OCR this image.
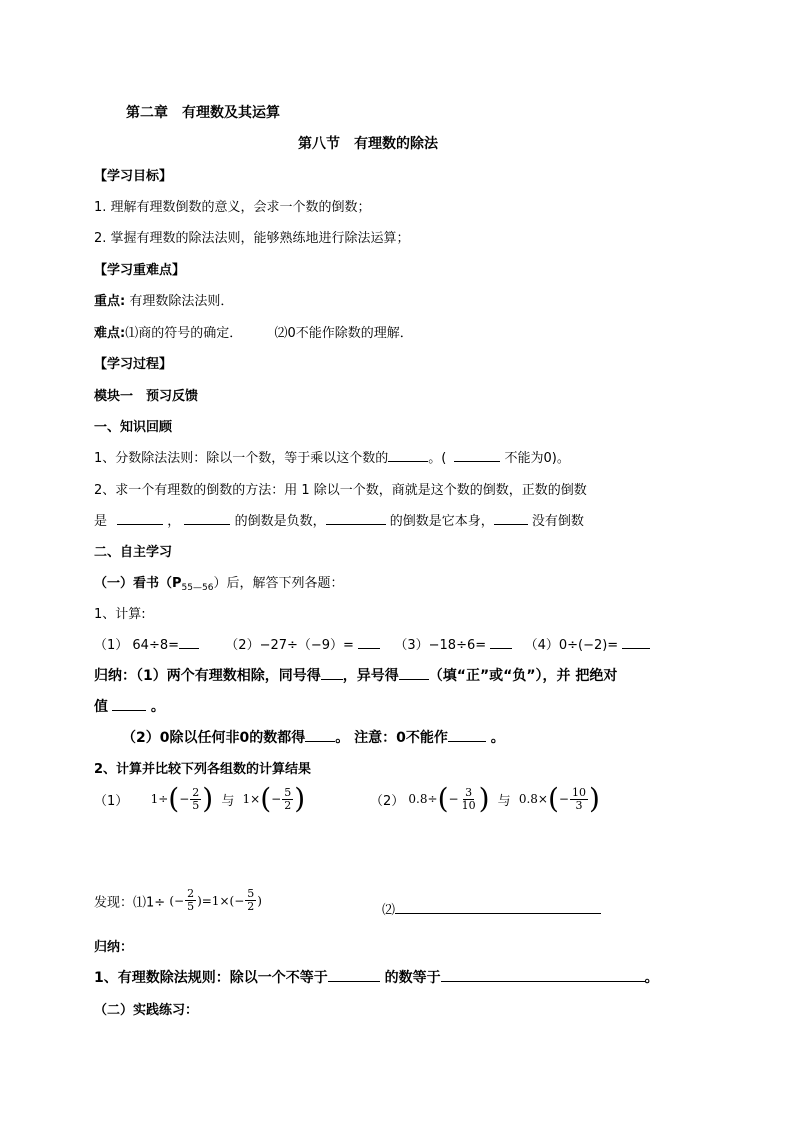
第二章　有理数及其运算
第八节　有理数的除法
【学习目标】
1. 理解有理数倒数的意义，会求一个数的倒数；
2. 掌握有理数的除法法则，能够熟练地进行除法运算；
【学习重难点】
重点: 有理数除法法则．
难点:⑴商的符号的确定． ⑵0不能作除数的理解．
【学习过程】
模块一　预习反馈
一、知识回顾
1、分数除法法则：除以一个数，等于乘以这个数的	。(	不能为0)。
2、求一个有理数的倒数的方法：用 1 除以一个数，商就是这个数的倒数，正数的倒数
是	，	的倒数是负数，	的倒数是它本身，	没有倒数
二、自主学习
（一）看书$(P_{55—56})$后，解答下列各题：
1、计算:
（1） 64÷8=	（2）−27÷（−9）=	（3）−18÷6=	（4）0÷(−2)=
归纳：（1）两个有理数相除，同号得 ，异号得 （填“正”或“负”），并 把绝对
值	。
（2）0除以任何非0的数都得 。 注意：0不能作	。
2、计算并比较下列各组数的计算结果
（1） 1 ÷ ( − $\frac{2}{5}$ ) 与 1 × ( − $\frac{5}{2}$ )	（2） 0.8 ÷ ( − $\frac{3}{10}$ ) 与 0.8 × ( − $\frac{10}{3}$ )
发现：⑴1÷ ( − $\frac{2}{5}$ ) =1× ( − $\frac{5}{2}$ )
⑵
归纳：
1、有理数除法规则：除以一个不等于	的数等于	。
（二）实践练习：
